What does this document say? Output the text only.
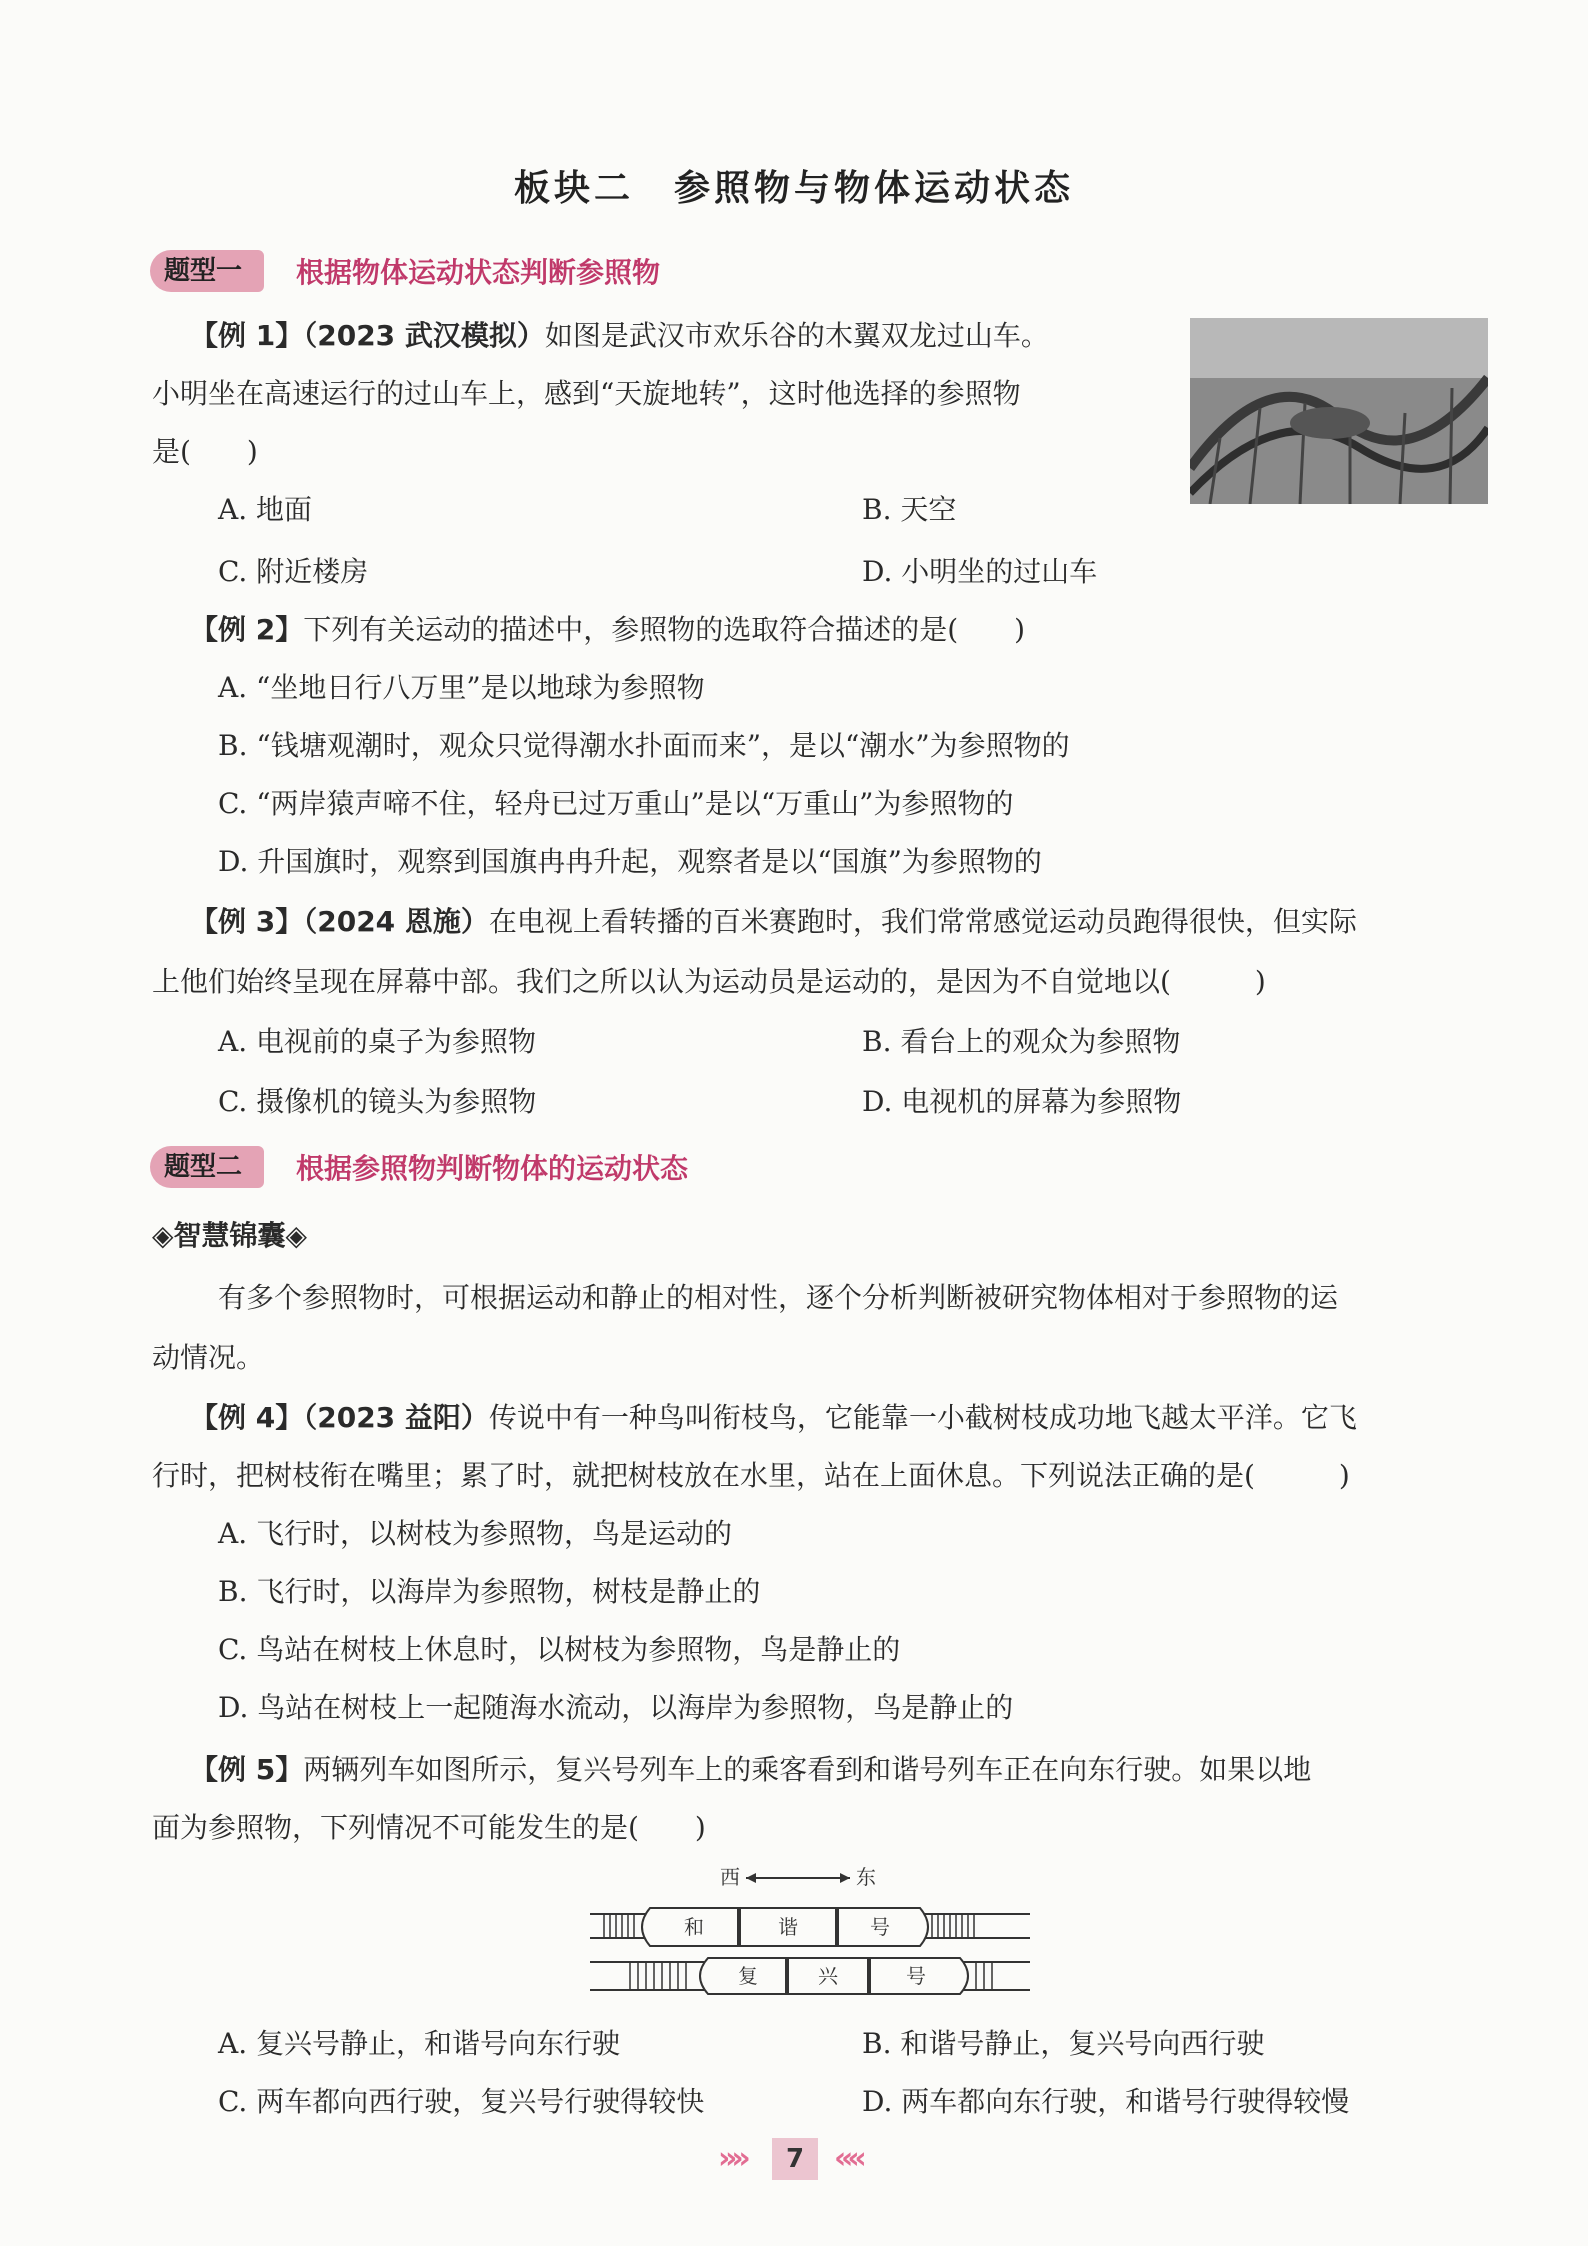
板块二　参照物与物体运动状态
题型一	根据物体运动状态判断参照物
【例 1】（2023 武汉模拟）如图是武汉市欢乐谷的木翼双龙过山车。
小明坐在高速运行的过山车上，感到“天旋地转”，这时他选择的参照物
是(　　)
A. 地面	B. 天空
C. 附近楼房	D. 小明坐的过山车
【例 2】下列有关运动的描述中，参照物的选取符合描述的是(　　)
A. “坐地日行八万里”是以地球为参照物
B. “钱塘观潮时，观众只觉得潮水扑面而来”，是以“潮水”为参照物的
C. “两岸猿声啼不住，轻舟已过万重山”是以“万重山”为参照物的
D. 升国旗时，观察到国旗冉冉升起，观察者是以“国旗”为参照物的
【例 3】（2024 恩施）在电视上看转播的百米赛跑时，我们常常感觉运动员跑得很快，但实际
上他们始终呈现在屏幕中部。我们之所以认为运动员是运动的，是因为不自觉地以(　　　)
A. 电视前的桌子为参照物	B. 看台上的观众为参照物
C. 摄像机的镜头为参照物	D. 电视机的屏幕为参照物
题型二	根据参照物判断物体的运动状态
◈智慧锦囊◈
有多个参照物时，可根据运动和静止的相对性，逐个分析判断被研究物体相对于参照物的运
动情况。
【例 4】（2023 益阳）传说中有一种鸟叫衔枝鸟，它能靠一小截树枝成功地飞越太平洋。它飞
行时，把树枝衔在嘴里；累了时，就把树枝放在水里，站在上面休息。下列说法正确的是(　　　)
A. 飞行时，以树枝为参照物，鸟是运动的
B. 飞行时，以海岸为参照物，树枝是静止的
C. 鸟站在树枝上休息时，以树枝为参照物，鸟是静止的
D. 鸟站在树枝上一起随海水流动，以海岸为参照物，鸟是静止的
【例 5】两辆列车如图所示，复兴号列车上的乘客看到和谐号列车正在向东行驶。如果以地
面为参照物，下列情况不可能发生的是(　　)
西	东
和	谐	号
复	兴	号
A. 复兴号静止，和谐号向东行驶	B. 和谐号静止，复兴号向西行驶
C. 两车都向西行驶，复兴号行驶得较快	D. 两车都向东行驶，和谐号行驶得较慢
»»	7 ««
